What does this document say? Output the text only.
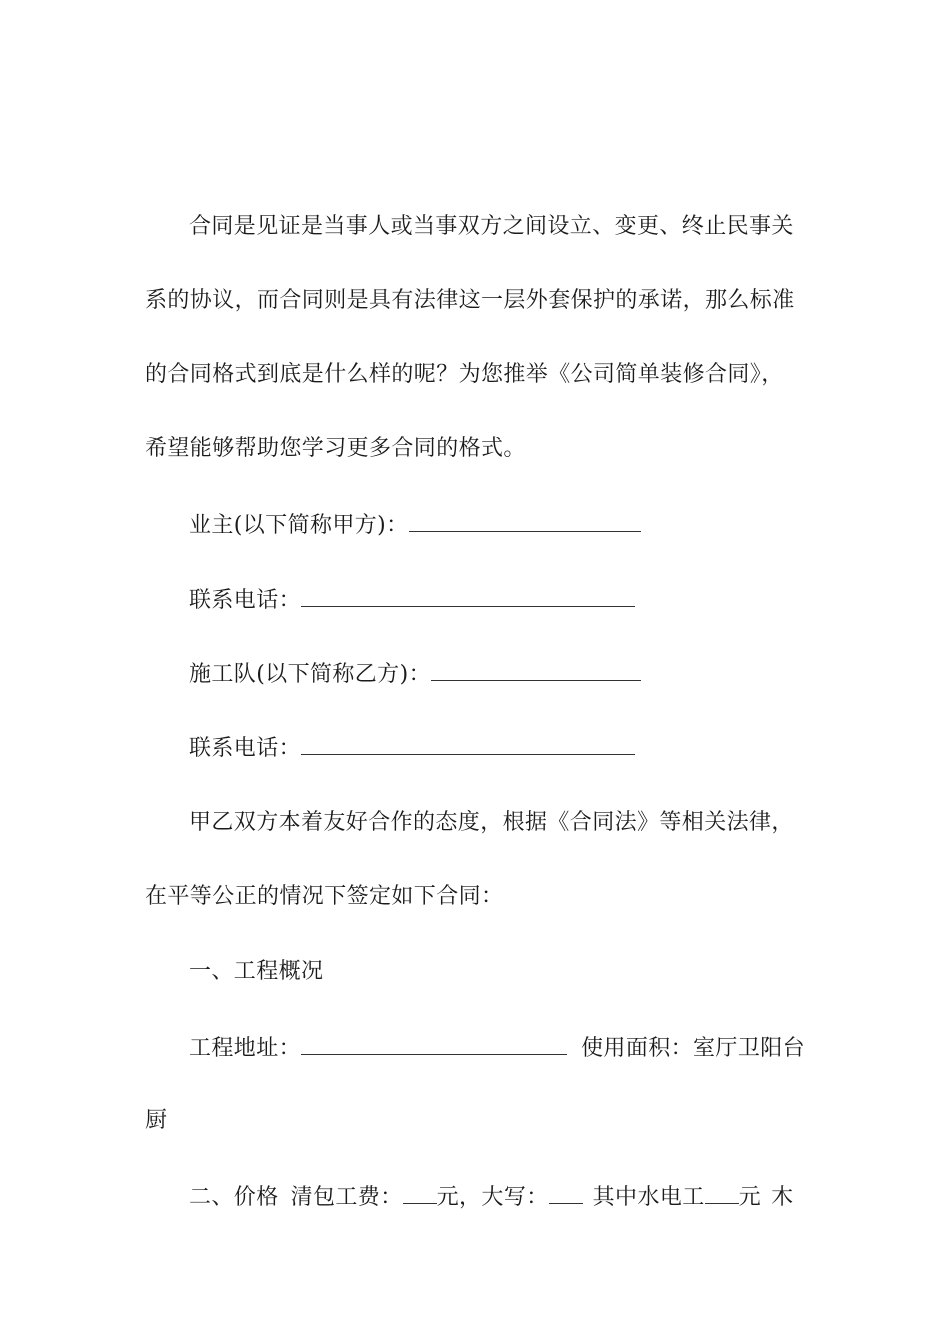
合同是见证是当事人或当事双方之间设立、变更、终止民事关
系的协议，而合同则是具有法律这一层外套保护的承诺，那么标准
的合同格式到底是什么样的呢？为您推举《公司简单装修合同》，
希望能够帮助您学习更多合同的格式。
业主(以下简称甲方)：
联系电话：
施工队(以下简称乙方)：
联系电话：
甲乙双方本着友好合作的态度，根据《合同法》等相关法律，
在平等公正的情况下签定如下合同：
一、工程概况
工程地址：	使用面积：室厅卫阳台
厨
二、价格 清包工费： 元，大写： 其中水电工 元 木
